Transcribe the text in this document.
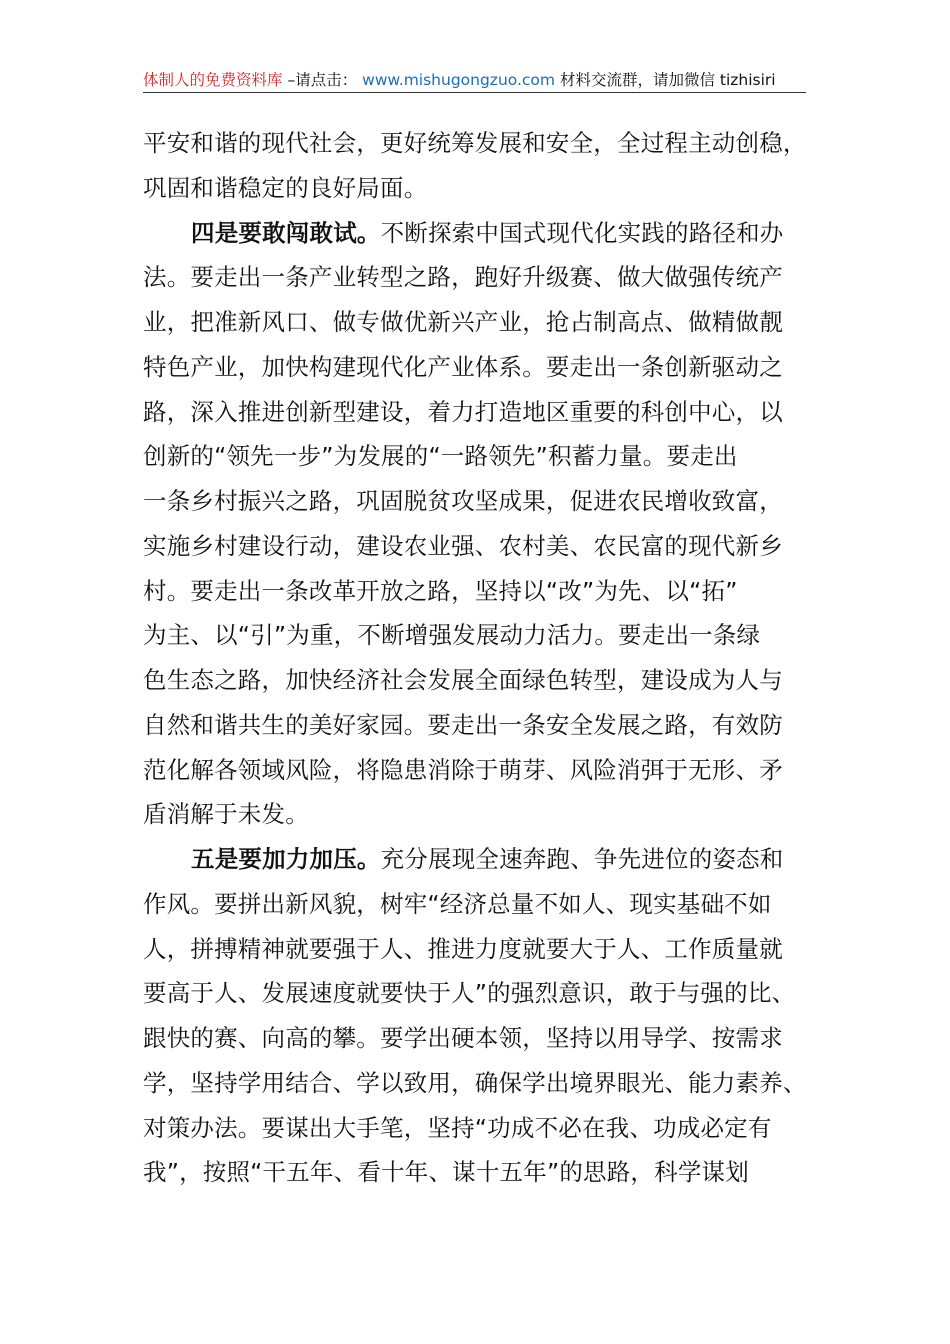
体制人的免费资料库 –请点击： www.mishugongzuo.com 材料交流群，请加微信 tizhisiri
平安和谐的现代社会，更好统筹发展和安全，全过程主动创稳，
巩固和谐稳定的良好局面。
四是要敢闯敢试。不断探索中国式现代化实践的路径和办
法。要走出一条产业转型之路，跑好升级赛、做大做强传统产
业，把准新风口、做专做优新兴产业，抢占制高点、做精做靓
特色产业，加快构建现代化产业体系。要走出一条创新驱动之
路，深入推进创新型建设，着力打造地区重要的科创中心，以
创新的“领先一步”为发展的“一路领先”积蓄力量。要走出
一条乡村振兴之路，巩固脱贫攻坚成果，促进农民增收致富，
实施乡村建设行动，建设农业强、农村美、农民富的现代新乡
村。要走出一条改革开放之路，坚持以“改”为先、以“拓”
为主、以“引”为重，不断增强发展动力活力。要走出一条绿
色生态之路，加快经济社会发展全面绿色转型，建设成为人与
自然和谐共生的美好家园。要走出一条安全发展之路，有效防
范化解各领域风险，将隐患消除于萌芽、风险消弭于无形、矛
盾消解于未发。
五是要加力加压。充分展现全速奔跑、争先进位的姿态和
作风。要拼出新风貌，树牢“经济总量不如人、现实基础不如
人，拼搏精神就要强于人、推进力度就要大于人、工作质量就
要高于人、发展速度就要快于人”的强烈意识，敢于与强的比、
跟快的赛、向高的攀。要学出硬本领，坚持以用导学、按需求
学，坚持学用结合、学以致用，确保学出境界眼光、能力素养、
对策办法。要谋出大手笔，坚持“功成不必在我、功成必定有
我”，按照“干五年、看十年、谋十五年”的思路，科学谋划
